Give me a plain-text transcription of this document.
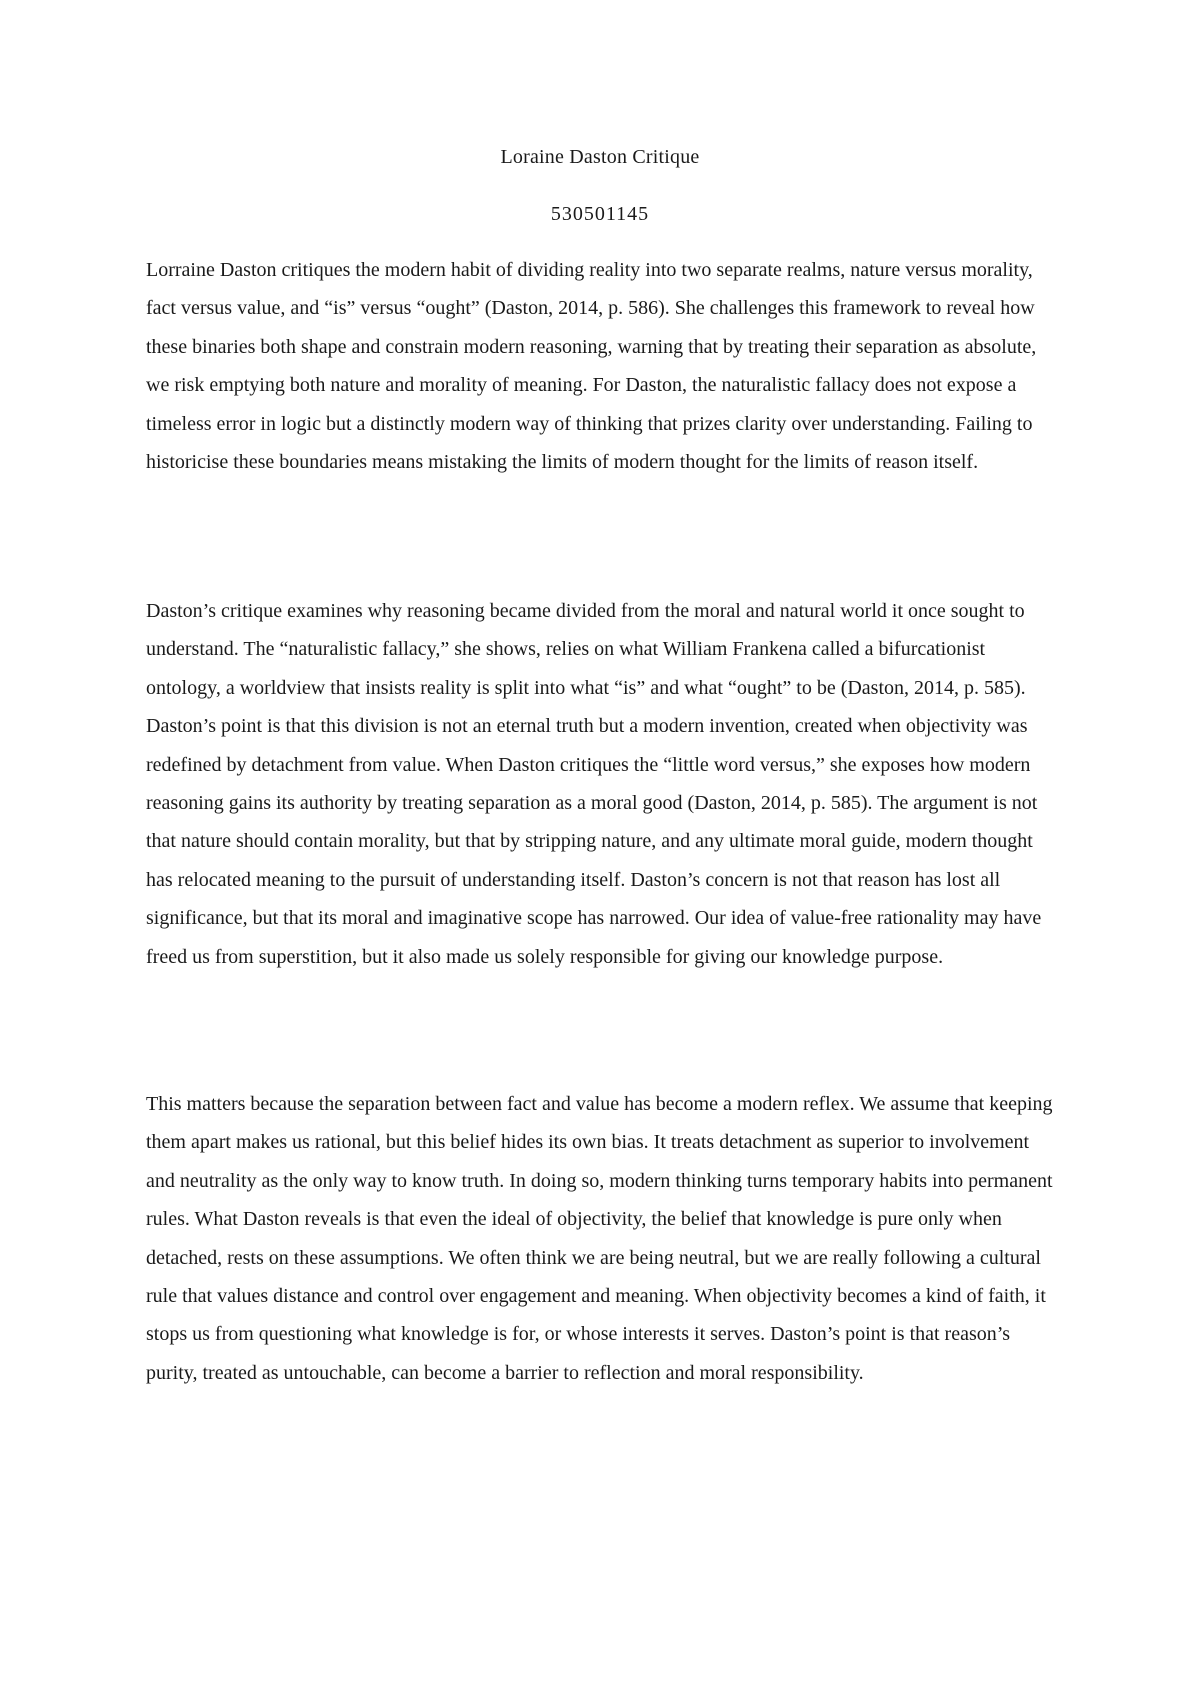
Loraine Daston Critique
530501145

Lorraine Daston critiques the modern habit of dividing reality into two separate realms, nature versus morality, fact versus value, and “is” versus “ought” (Daston, 2014, p. 586). She challenges this framework to reveal how these binaries both shape and constrain modern reasoning, warning that by treating their separation as absolute, we risk emptying both nature and morality of meaning. For Daston, the naturalistic fallacy does not expose a timeless error in logic but a distinctly modern way of thinking that prizes clarity over understanding. Failing to historicise these boundaries means mistaking the limits of modern thought for the limits of reason itself.

Daston’s critique examines why reasoning became divided from the moral and natural world it once sought to understand. The “naturalistic fallacy,” she shows, relies on what William Frankena called a bifurcationist ontology, a worldview that insists reality is split into what “is” and what “ought” to be (Daston, 2014, p. 585). Daston’s point is that this division is not an eternal truth but a modern invention, created when objectivity was redefined by detachment from value. When Daston critiques the “little word versus,” she exposes how modern reasoning gains its authority by treating separation as a moral good (Daston, 2014, p. 585). The argument is not that nature should contain morality, but that by stripping nature, and any ultimate moral guide, modern thought has relocated meaning to the pursuit of understanding itself. Daston’s concern is not that reason has lost all significance, but that its moral and imaginative scope has narrowed. Our idea of value-free rationality may have freed us from superstition, but it also made us solely responsible for giving our knowledge purpose.

This matters because the separation between fact and value has become a modern reflex. We assume that keeping them apart makes us rational, but this belief hides its own bias. It treats detachment as superior to involvement and neutrality as the only way to know truth. In doing so, modern thinking turns temporary habits into permanent rules. What Daston reveals is that even the ideal of objectivity, the belief that knowledge is pure only when detached, rests on these assumptions. We often think we are being neutral, but we are really following a cultural rule that values distance and control over engagement and meaning. When objectivity becomes a kind of faith, it stops us from questioning what knowledge is for, or whose interests it serves. Daston’s point is that reason’s purity, treated as untouchable, can become a barrier to reflection and moral responsibility.
